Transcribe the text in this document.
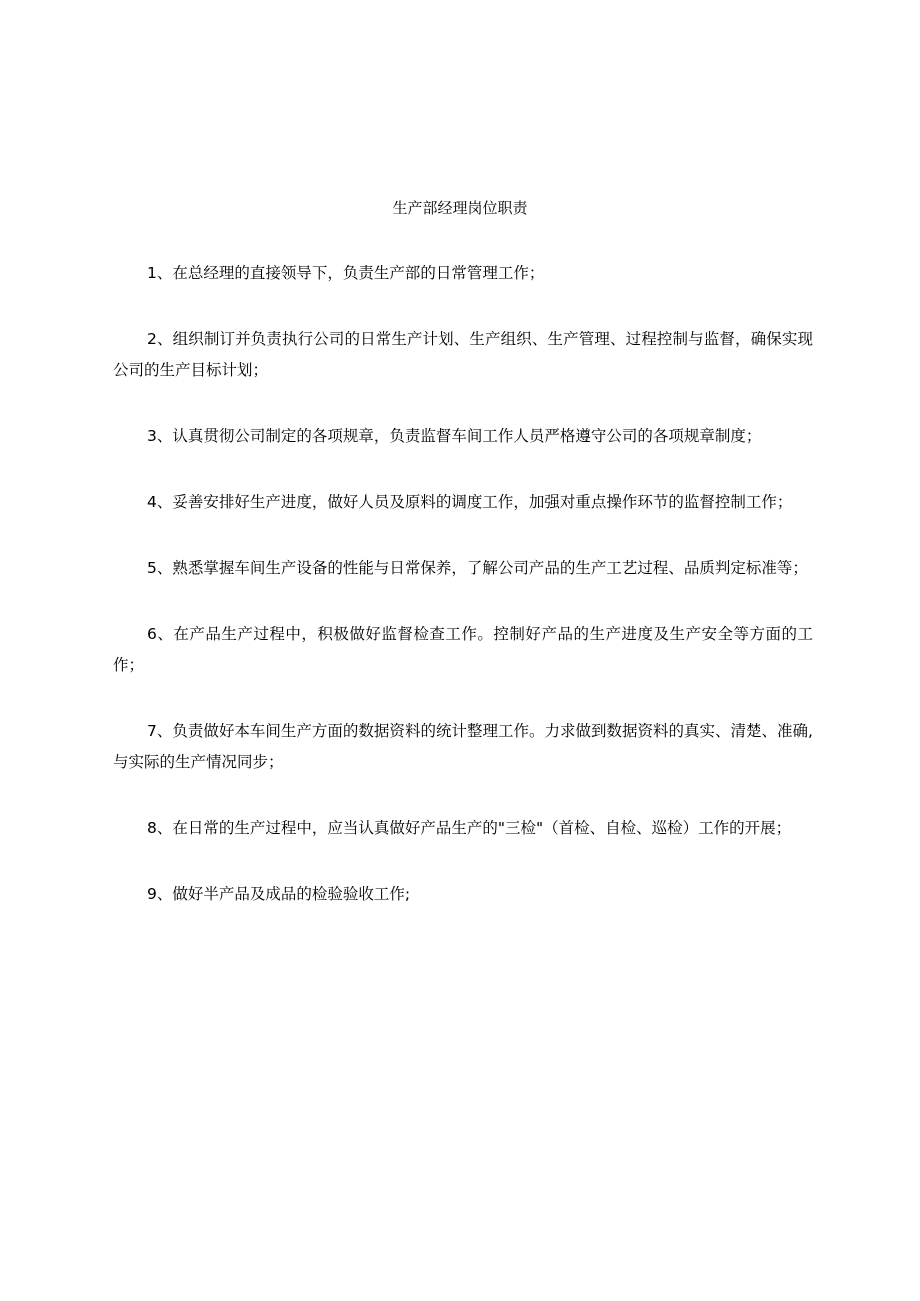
生产部经理岗位职责
1、在总经理的直接领导下，负责生产部的日常管理工作；
2、组织制订并负责执行公司的日常生产计划、生产组织、生产管理、过程控制与监督，确保实现公司的生产目标计划；
3、认真贯彻公司制定的各项规章，负责监督车间工作人员严格遵守公司的各项规章制度；
4、妥善安排好生产进度，做好人员及原料的调度工作，加强对重点操作环节的监督控制工作；
5、熟悉掌握车间生产设备的性能与日常保养，了解公司产品的生产工艺过程、品质判定标准等；
6、在产品生产过程中，积极做好监督检查工作。控制好产品的生产进度及生产安全等方面的工作；
7、负责做好本车间生产方面的数据资料的统计整理工作。力求做到数据资料的真实、清楚、准确,与实际的生产情况同步；
8、在日常的生产过程中，应当认真做好产品生产的"三检"（首检、自检、巡检）工作的开展；
9、做好半产品及成品的检验验收工作;
